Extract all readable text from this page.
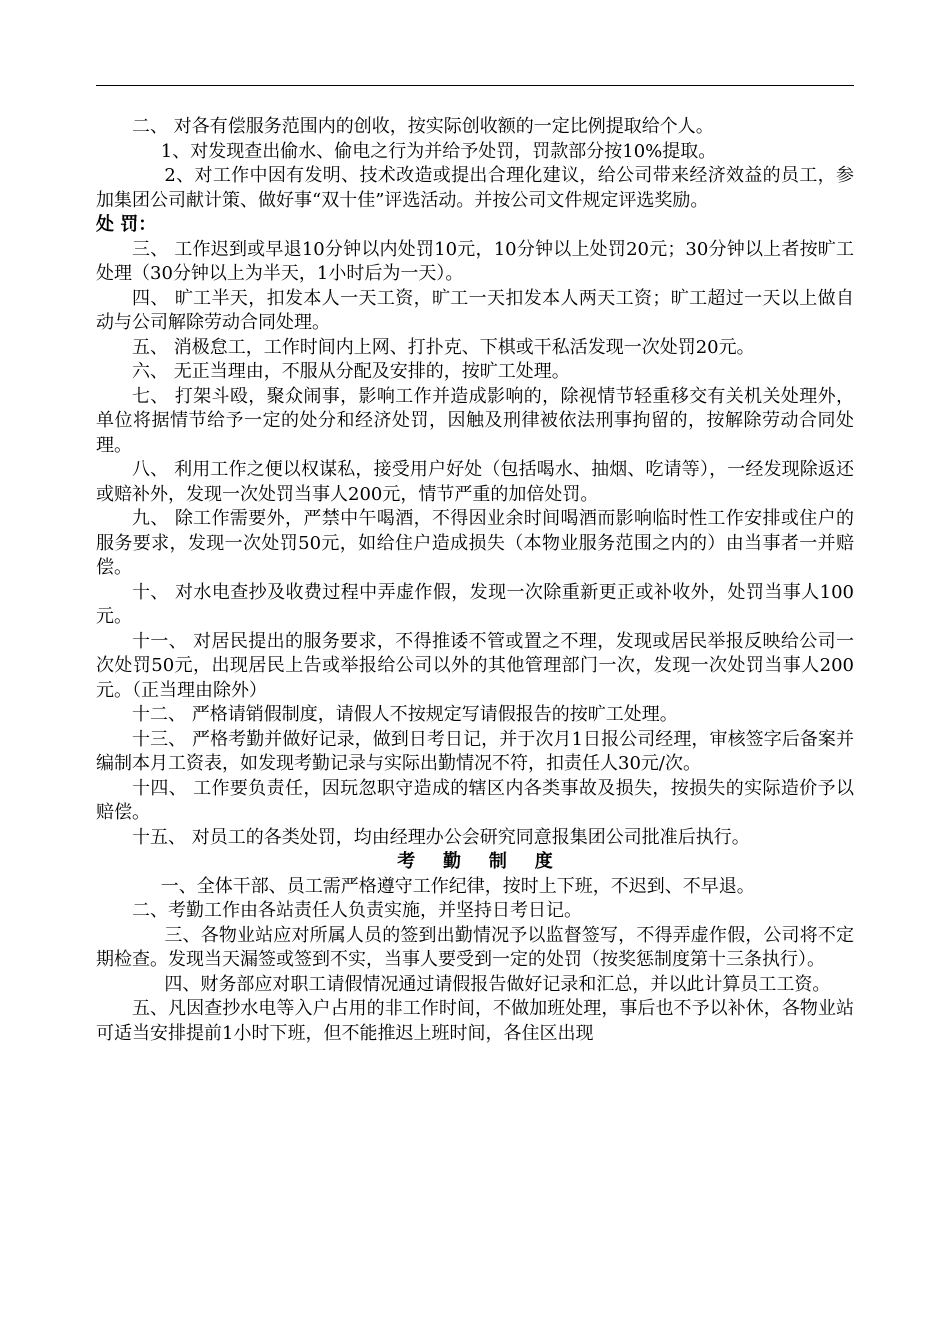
二、 对各有偿服务范围内的创收，按实际创收额的一定比例提取给个人。

1、对发现查出偷水、偷电之行为并给予处罚，罚款部分按10%提取。

2、对工作中因有发明、技术改造或提出合理化建议，给公司带来经济效益的员工，参加集团公司献计策、做好事“双十佳”评选活动。并按公司文件规定评选奖励。

处 罚：

三、 工作迟到或早退10分钟以内处罚10元，10分钟以上处罚20元；30分钟以上者按旷工处理（30分钟以上为半天，1小时后为一天）。

四、 旷工半天，扣发本人一天工资，旷工一天扣发本人两天工资；旷工超过一天以上做自动与公司解除劳动合同处理。

五、 消极怠工，工作时间内上网、打扑克、下棋或干私活发现一次处罚20元。

六、 无正当理由，不服从分配及安排的，按旷工处理。

七、 打架斗殴，聚众闹事，影响工作并造成影响的，除视情节轻重移交有关机关处理外，单位将据情节给予一定的处分和经济处罚，因触及刑律被依法刑事拘留的，按解除劳动合同处理。

八、 利用工作之便以权谋私，接受用户好处（包括喝水、抽烟、吃请等），一经发现除返还或赔补外，发现一次处罚当事人200元，情节严重的加倍处罚。

九、 除工作需要外，严禁中午喝酒，不得因业余时间喝酒而影响临时性工作安排或住户的服务要求，发现一次处罚50元，如给住户造成损失（本物业服务范围之内的）由当事者一并赔偿。

十、 对水电查抄及收费过程中弄虚作假，发现一次除重新更正或补收外，处罚当事人100元。

十一、 对居民提出的服务要求，不得推诿不管或置之不理，发现或居民举报反映给公司一次处罚50元，出现居民上告或举报给公司以外的其他管理部门一次，发现一次处罚当事人200元。（正当理由除外）

十二、 严格请销假制度，请假人不按规定写请假报告的按旷工处理。

十三、 严格考勤并做好记录，做到日考日记，并于次月1日报公司经理，审核签字后备案并编制本月工资表，如发现考勤记录与实际出勤情况不符，扣责任人30元/次。

十四、 工作要负责任，因玩忽职守造成的辖区内各类事故及损失，按损失的实际造价予以赔偿。

十五、 对员工的各类处罚，均由经理办公会研究同意报集团公司批准后执行。

考 勤 制 度

一、全体干部、员工需严格遵守工作纪律，按时上下班，不迟到、不早退。

二、考勤工作由各站责任人负责实施，并坚持日考日记。

三、各物业站应对所属人员的签到出勤情况予以监督签写，不得弄虚作假，公司将不定期检查。发现当天漏签或签到不实，当事人要受到一定的处罚（按奖惩制度第十三条执行）。

四、财务部应对职工请假情况通过请假报告做好记录和汇总，并以此计算员工工资。

五、凡因查抄水电等入户占用的非工作时间，不做加班处理，事后也不予以补休，各物业站可适当安排提前1小时下班，但不能推迟上班时间，各住区出现
